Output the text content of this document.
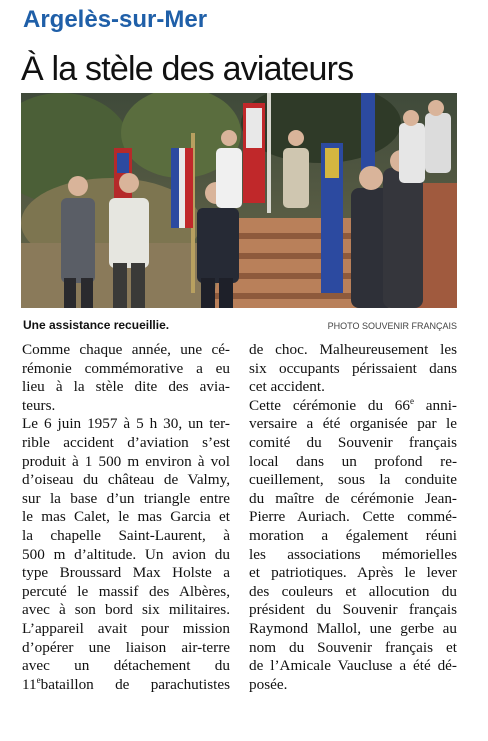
Argelès-sur-Mer
À la stèle des aviateurs
Une assistance recueillie.	PHOTO SOUVENIR FRANÇAIS
Comme chaque année, une cé-
rémonie commémorative a eu
lieu à la stèle dite des avia-
teurs.
Le 6 juin 1957 à 5 h 30, un ter-
rible accident d’aviation s’est
produit à 1 500 m environ à vol
d’oiseau du château de Valmy,
sur la base d’un triangle entre
le mas Calet, le mas Garcia et
la chapelle Saint-Laurent, à
500 m d’altitude. Un avion du
type Broussard Max Holste a
percuté le massif des Albères,
avec à son bord six militaires.
L’appareil avait pour mission
d’opérer une liaison air-terre
avec un détachement du
11ebataillon de parachutistes
de choc. Malheureusement les
six occupants périssaient dans
cet accident.
Cette cérémonie du 66e anni-
versaire a été organisée par le
comité du Souvenir français
local dans un profond re-
cueillement, sous la conduite
du maître de cérémonie Jean-
Pierre Auriach. Cette commé-
moration a également réuni
les associations mémorielles
et patriotiques. Après le lever
des couleurs et allocution du
président du Souvenir français
Raymond Mallol, une gerbe au
nom du Souvenir français et
de l’Amicale Vaucluse a été dé-
posée.
